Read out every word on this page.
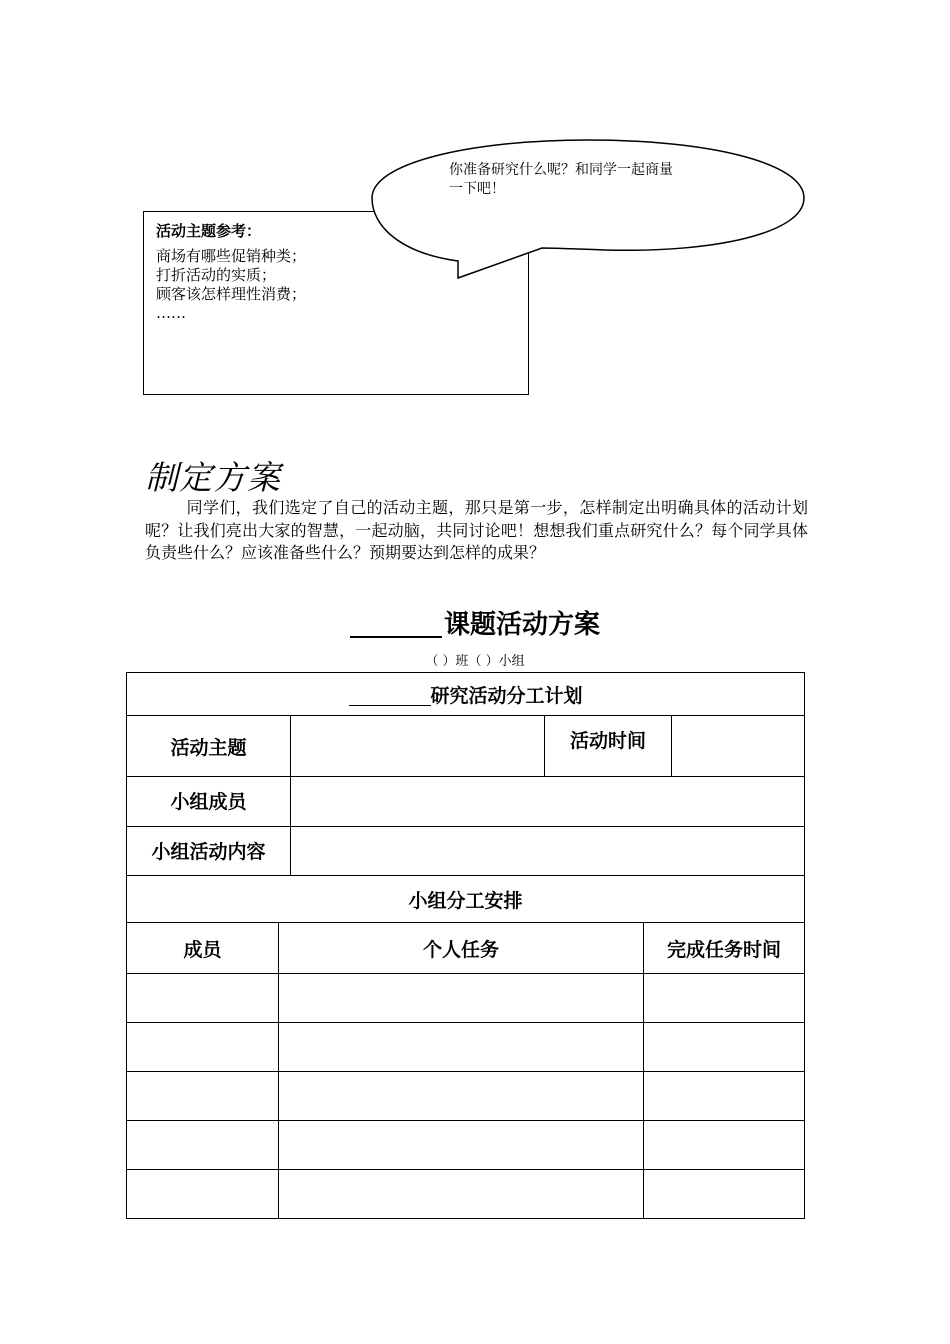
活动主题参考：
商场有哪些促销种类；
打折活动的实质；
顾客该怎样理性消费；
……
你准备研究什么呢？和同学一起商量
一下吧！
制定方案
同学们，我们选定了自己的活动主题，那只是第一步，怎样制定出明确具体的活动计划呢？让我们亮出大家的智慧，一起动脑，共同讨论吧！想想我们重点研究什么？每个同学具体负责些什么？应该准备些什么？预期要达到怎样的成果？
课题活动方案
（ ）班（ ）小组
研究活动分工计划					
活动主题			活动时间		
小组成员					
小组活动内容					
小组分工安排					
成员	个人任务			完成任务时间	
